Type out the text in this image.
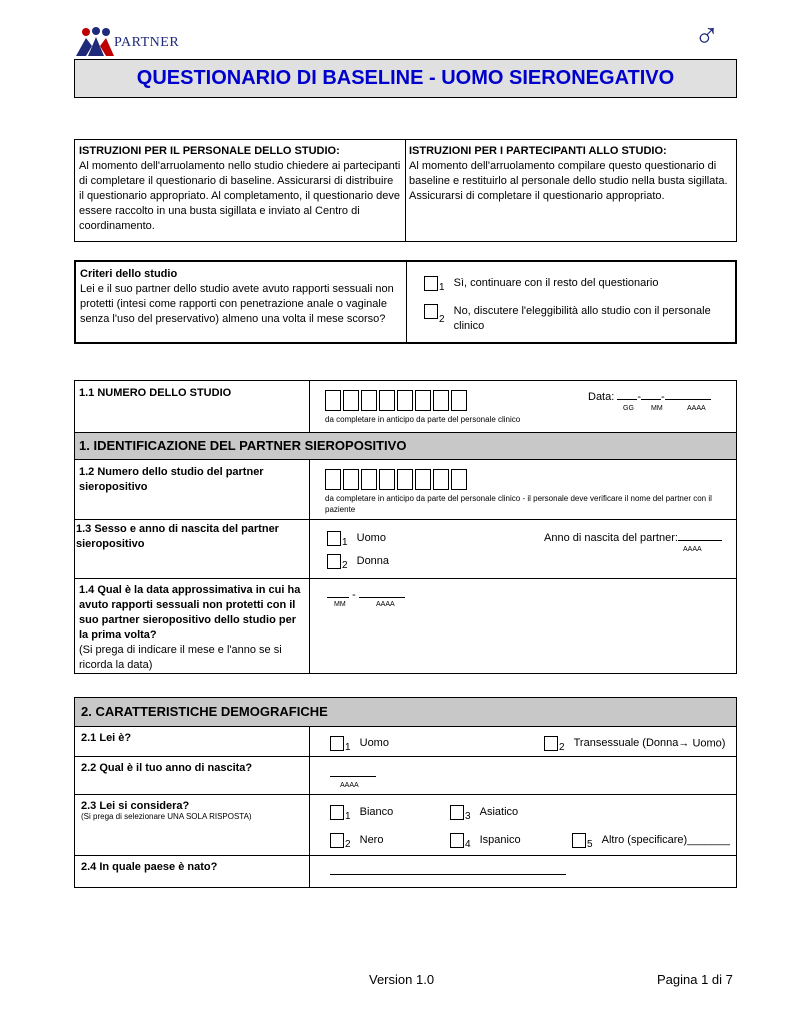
PARTNER	♂
QUESTIONARIO DI BASELINE - UOMO SIERONEGATIVO
ISTRUZIONI PER IL PERSONALE DELLO STUDIO:
Al momento dell'arruolamento nello studio chiedere ai partecipanti di completare il questionario di baseline. Assicurarsi di distribuire il questionario appropriato. Al completamento, il questionario deve essere raccolto in una busta sigillata e inviato al Centro di coordinamento.
ISTRUZIONI PER I PARTECIPANTI ALLO STUDIO:
Al momento dell'arruolamento compilare questo questionario di baseline e restituirlo al personale dello studio nella busta sigillata. Assicurarsi di completare il questionario appropriato.
Criteri dello studio
Lei e il suo partner dello studio avete avuto rapporti sessuali non protetti (intesi come rapporti con penetrazione anale o vaginale senza l'uso del preservativo) almeno una volta il mese scorso?
1 Sì, continuare con il resto del questionario
2 No, discutere l'eleggibilità allo studio con il personale clinico
1.1 NUMERO DELLO STUDIO
da completare in anticipo da parte del personale clinico
Data: - -
GG MM	AAAA
1. IDENTIFICAZIONE DEL PARTNER SIEROPOSITIVO
1.2 Numero dello studio del partner sieropositivo
da completare in anticipo da parte del personale clinico - il personale deve verificare il nome del partner con il paziente
1.3 Sesso e anno di nascita del partner sieropositivo	1 Uomo
2 Donna
Anno di nascita del partner:
AAAA
1.4 Qual è la data approssimativa in cui ha avuto rapporti sessuali non protetti con il suo partner sieropositivo dello studio per la prima volta?
(Si prega di indicare il mese e l'anno se si ricorda la data)
-
MM	AAAA
2. CARATTERISTICHE DEMOGRAFICHE
2.1 Lei è?
1 Uomo	2 Transessuale (Donna→ Uomo)
2.2 Qual è il tuo anno di nascita?
AAAA
2.3 Lei si considera?
(Si prega di selezionare UNA SOLA RISPOSTA)	1 Bianco	3 Asiatico
2 Nero	4 Ispanico	5 Altro (specificare)_______
2.4 In quale paese è nato?
Version 1.0	Pagina 1 di 7
